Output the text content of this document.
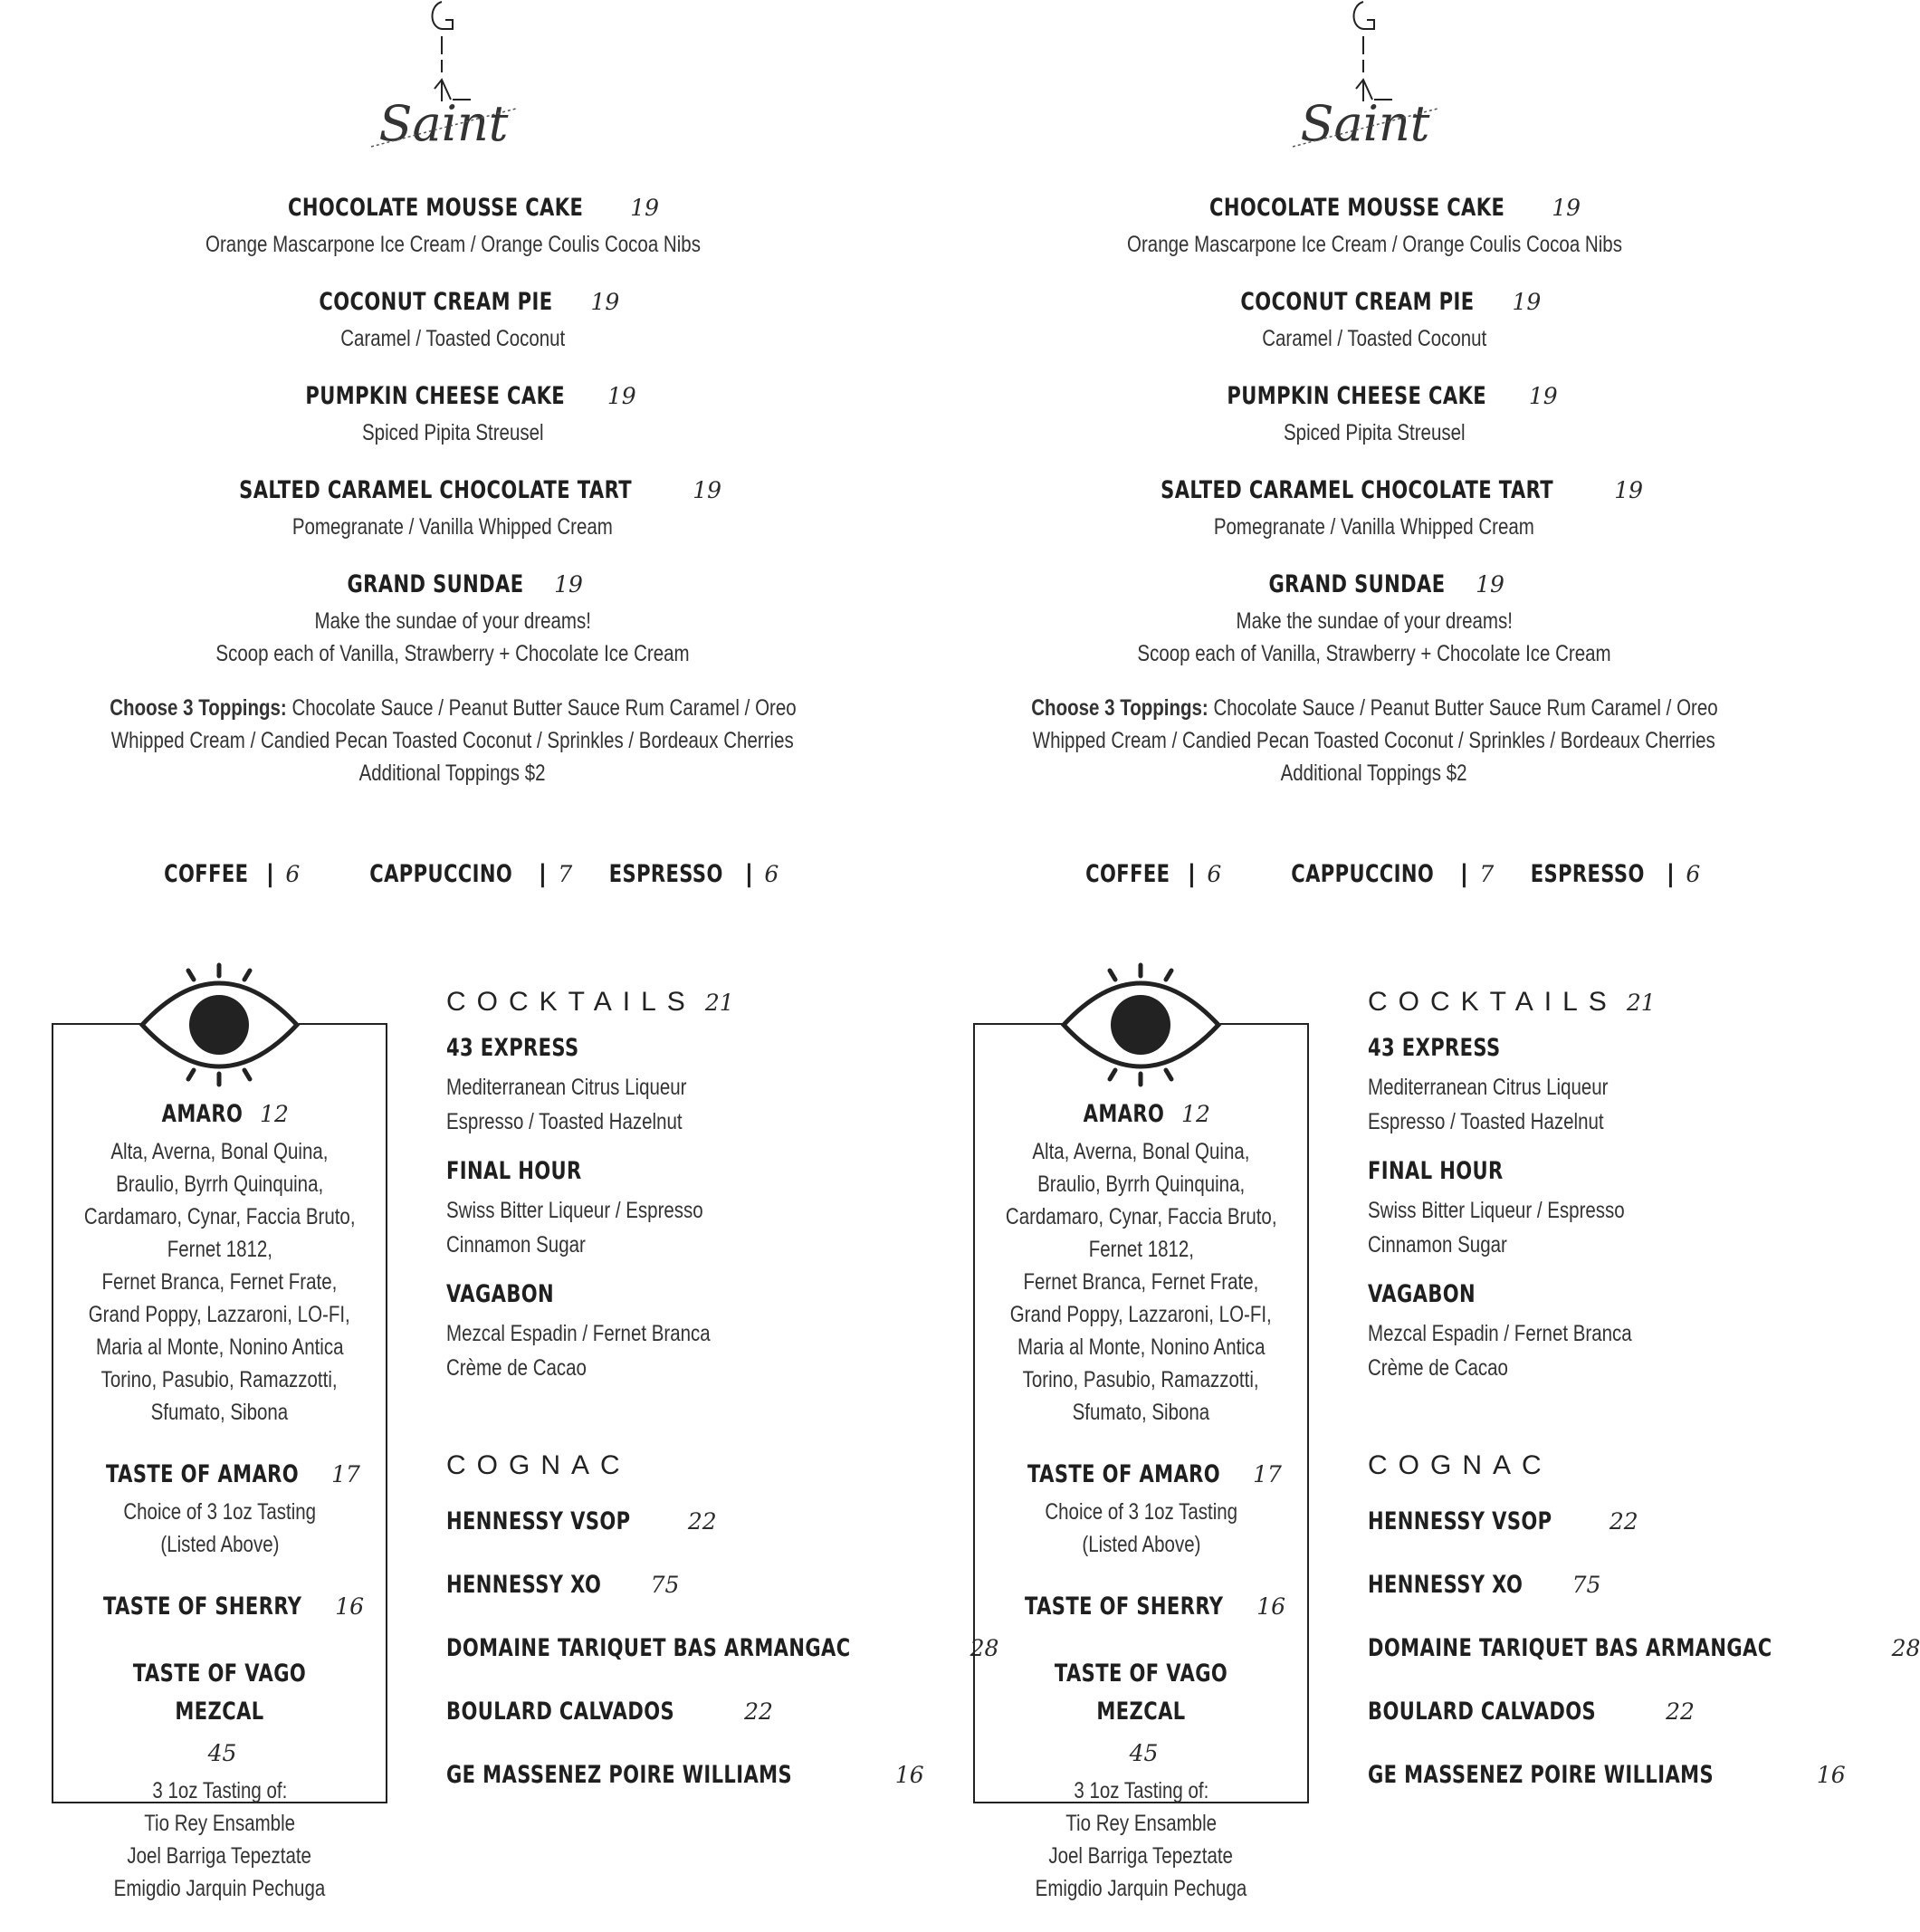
Saint
CHOCOLATE MOUSSE CAKE 19
Orange Mascarpone Ice Cream / Orange Coulis Cocoa Nibs
COCONUT CREAM PIE 19
Caramel / Toasted Coconut
PUMPKIN CHEESE CAKE 19
Spiced Pipita Streusel
SALTED CARAMEL CHOCOLATE TART	19
Pomegranate / Vanilla Whipped Cream
GRAND SUNDAE 19
Make the sundae of your dreams!
Scoop each of Vanilla, Strawberry + Chocolate Ice Cream
Choose 3 Toppings: Chocolate Sauce / Peanut Butter Sauce Rum Caramel / Oreo
Whipped Cream / Candied Pecan Toasted Coconut / Sprinkles / Bordeaux Cherries
Additional Toppings $2
COFFEE | 6	CAPPUCCINO | 7	ESPRESSO | 6
AMARO 12
Alta, Averna, Bonal Quina,
Braulio, Byrrh Quinquina,
Cardamaro, Cynar, Faccia Bruto,
Fernet 1812,
Fernet Branca, Fernet Frate,
Grand Poppy, Lazzaroni, LO-FI,
Maria al Monte, Nonino Antica
Torino, Pasubio, Ramazzotti,
Sfumato, Sibona
TASTE OF AMARO 17
Choice of 3 1oz Tasting
(Listed Above)
TASTE OF SHERRY 16
TASTE OF VAGO MEZCAL45
3 1oz Tasting of:
Tio Rey Ensamble
Joel Barriga Tepeztate
Emigdio Jarquin Pechuga
COCKTAILS 21
43 EXPRESS
Mediterranean Citrus Liqueur
Espresso / Toasted Hazelnut
FINAL HOUR
Swiss Bitter Liqueur / Espresso
Cinnamon Sugar
VAGABON
Mezcal Espadin / Fernet Branca
Crème de Cacao
COGNAC
HENNESSY VSOP	22
HENNESSY XO 75
DOMAINE TARIQUET BAS ARMANGAC	28
BOULARD CALVADOS	22
GE MASSENEZ POIRE WILLIAMS	16
Saint
CHOCOLATE MOUSSE CAKE 19
Orange Mascarpone Ice Cream / Orange Coulis Cocoa Nibs
COCONUT CREAM PIE 19
Caramel / Toasted Coconut
PUMPKIN CHEESE CAKE 19
Spiced Pipita Streusel
SALTED CARAMEL CHOCOLATE TART	19
Pomegranate / Vanilla Whipped Cream
GRAND SUNDAE 19
Make the sundae of your dreams!
Scoop each of Vanilla, Strawberry + Chocolate Ice Cream
Choose 3 Toppings: Chocolate Sauce / Peanut Butter Sauce Rum Caramel / Oreo
Whipped Cream / Candied Pecan Toasted Coconut / Sprinkles / Bordeaux Cherries
Additional Toppings $2
COFFEE | 6	CAPPUCCINO | 7	ESPRESSO | 6
AMARO 12
Alta, Averna, Bonal Quina,
Braulio, Byrrh Quinquina,
Cardamaro, Cynar, Faccia Bruto,
Fernet 1812,
Fernet Branca, Fernet Frate,
Grand Poppy, Lazzaroni, LO-FI,
Maria al Monte, Nonino Antica
Torino, Pasubio, Ramazzotti,
Sfumato, Sibona
TASTE OF AMARO 17
Choice of 3 1oz Tasting
(Listed Above)
TASTE OF SHERRY 16
TASTE OF VAGO MEZCAL45
3 1oz Tasting of:
Tio Rey Ensamble
Joel Barriga Tepeztate
Emigdio Jarquin Pechuga
COCKTAILS 21
43 EXPRESS
Mediterranean Citrus Liqueur
Espresso / Toasted Hazelnut
FINAL HOUR
Swiss Bitter Liqueur / Espresso
Cinnamon Sugar
VAGABON
Mezcal Espadin / Fernet Branca
Crème de Cacao
COGNAC
HENNESSY VSOP	22
HENNESSY XO 75
DOMAINE TARIQUET BAS ARMANGAC	28
BOULARD CALVADOS	22
GE MASSENEZ POIRE WILLIAMS	16
